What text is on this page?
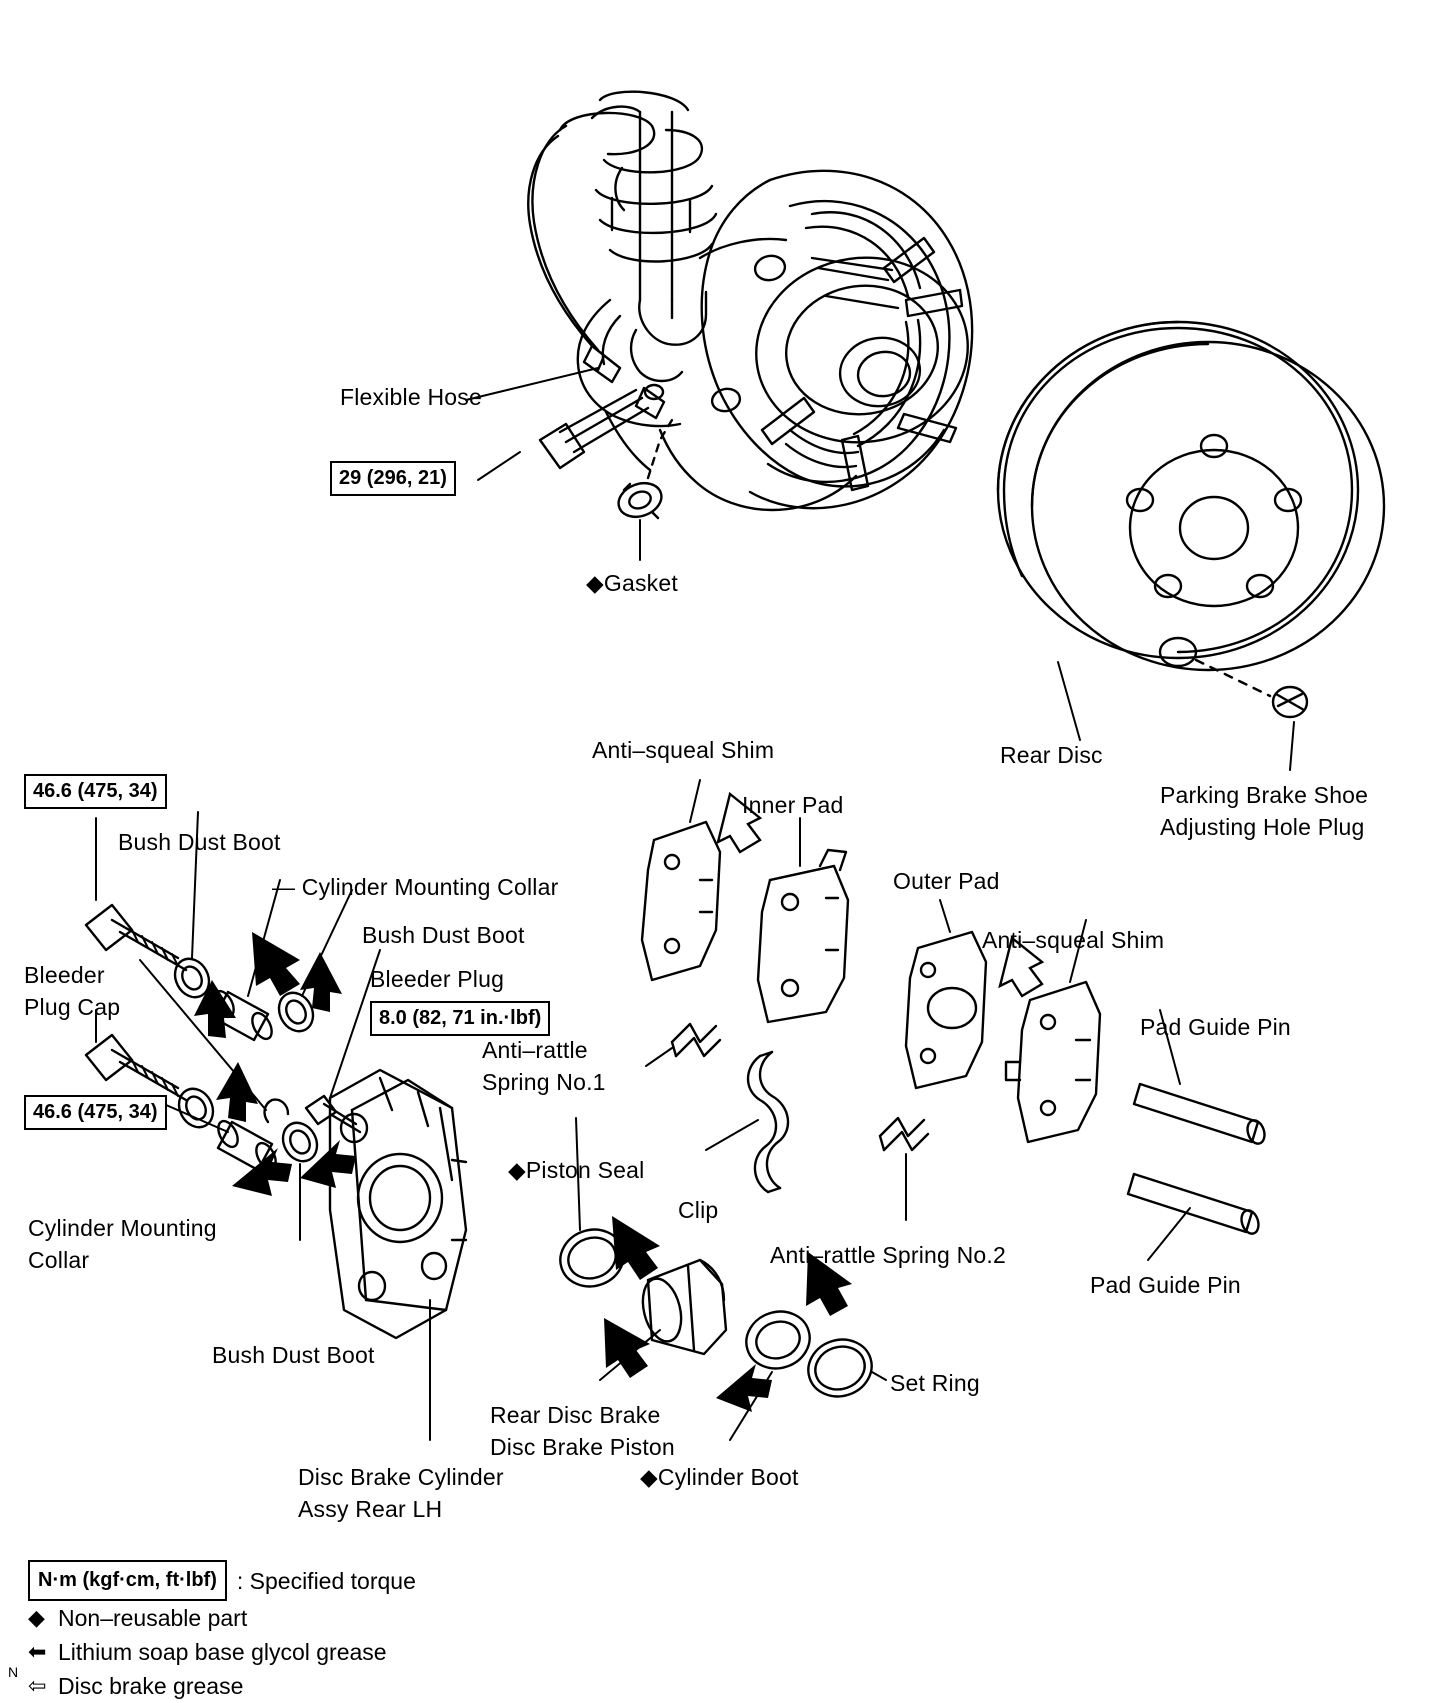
Flexible Hose
29 (296, 21)
◆Gasket
Rear Disc
Parking Brake Shoe
Adjusting Hole Plug
Anti–squeal Shim
Inner Pad
Outer Pad
Anti–squeal Shim
Pad Guide Pin
Pad Guide Pin
46.6 (475, 34)
Bush Dust Boot
— Cylinder Mounting Collar
Bush Dust Boot
Bleeder Plug
8.0 (82, 71 in.·lbf)
Bleeder
Plug Cap
Anti–rattle
Spring No.1
46.6 (475, 34)
Cylinder Mounting
Collar
Bush Dust Boot
◆Piston Seal
Clip
Anti–rattle Spring No.2
Set Ring
Rear Disc Brake
Disc Brake Piston
◆Cylinder Boot
Disc Brake Cylinder
Assy Rear LH
N·m (kgf·cm, ft·lbf) : Specified torque
◆ Non–reusable part
⬅ Lithium soap base glycol grease
⇦ Disc brake grease
N
